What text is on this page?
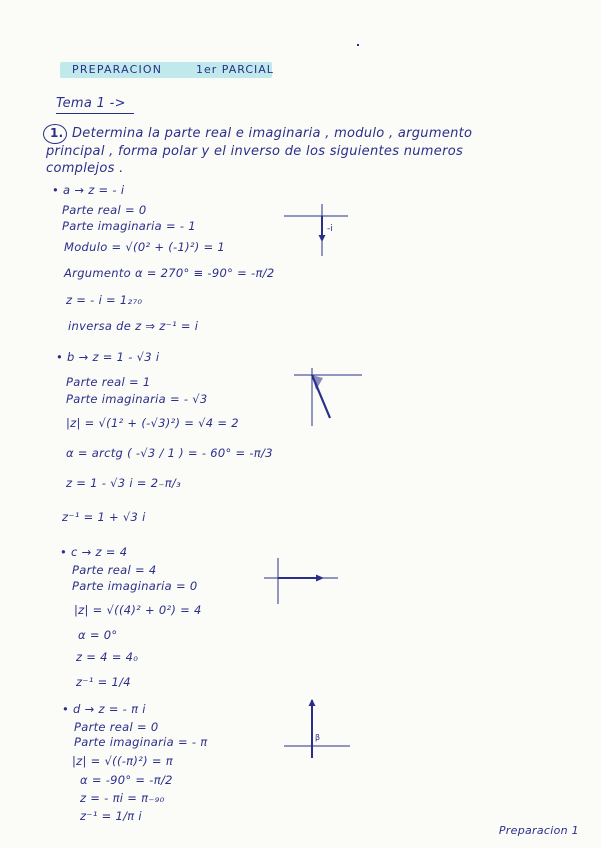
PREPARACION	1er PARCIAL
Tema 1 ->
1. Determina la parte real e imaginaria , modulo , argumento
principal , forma polar y el inverso de los siguientes numeros
complejos .
• a → z = - i
Parte real = 0
Parte imaginaria = - 1
Modulo = √(0² + (-1)²) = 1
Argumento α = 270° ≡ -90° = -π/2
z = - i = 1₂₇₀
inversa de z ⇒ z⁻¹ = i
-i
• b → z = 1 - √3 i
Parte real = 1
Parte imaginaria = - √3
|z| = √(1² + (-√3)²) = √4 = 2
α = arctg ( -√3 / 1 ) = - 60° = -π/3
z = 1 - √3 i = 2₋π/₃
z⁻¹ = 1 + √3 i
• c → z = 4
Parte real = 4
Parte imaginaria = 0
|z| = √((4)² + 0²) = 4
α = 0°
z = 4 = 4₀
z⁻¹ = 1/4
• d → z = - π i
Parte real = 0
Parte imaginaria = - π
|z| = √((-π)²) = π
α = -90° = -π/2
z = - πi = π₋₉₀
z⁻¹ = 1/π i
β
Preparacion 1
